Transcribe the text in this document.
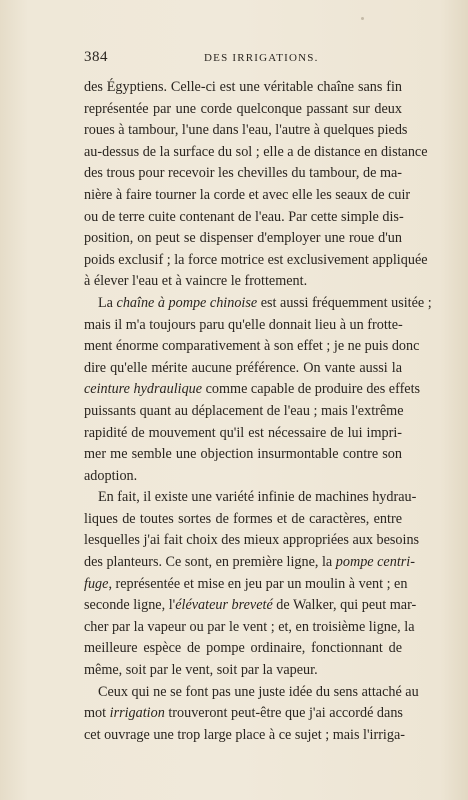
384	DES IRRIGATIONS.
des Égyptiens. Celle-ci est une véritable chaîne sans fin
représentée par une corde quelconque passant sur deux
roues à tambour, l'une dans l'eau, l'autre à quelques pieds
au-dessus de la surface du sol ; elle a de distance en distance
des trous pour recevoir les chevilles du tambour, de ma-
nière à faire tourner la corde et avec elle les seaux de cuir
ou de terre cuite contenant de l'eau. Par cette simple dis-
position, on peut se dispenser d'employer une roue d'un
poids exclusif ; la force motrice est exclusivement appliquée
à élever l'eau et à vaincre le frottement.
La chaîne à pompe chinoise est aussi fréquemment usitée ;
mais il m'a toujours paru qu'elle donnait lieu à un frotte-
ment énorme comparativement à son effet ; je ne puis donc
dire qu'elle mérite aucune préférence. On vante aussi la
ceinture hydraulique comme capable de produire des effets
puissants quant au déplacement de l'eau ; mais l'extrême
rapidité de mouvement qu'il est nécessaire de lui impri-
mer me semble une objection insurmontable contre son
adoption.
En fait, il existe une variété infinie de machines hydrau-
liques de toutes sortes de formes et de caractères, entre
lesquelles j'ai fait choix des mieux appropriées aux besoins
des planteurs. Ce sont, en première ligne, la pompe centri-
fuge, représentée et mise en jeu par un moulin à vent ; en
seconde ligne, l'élévateur breveté de Walker, qui peut mar-
cher par la vapeur ou par le vent ; et, en troisième ligne, la
meilleure espèce de pompe ordinaire, fonctionnant de
même, soit par le vent, soit par la vapeur.
Ceux qui ne se font pas une juste idée du sens attaché au
mot irrigation trouveront peut-être que j'ai accordé dans
cet ouvrage une trop large place à ce sujet ; mais l'irriga-
